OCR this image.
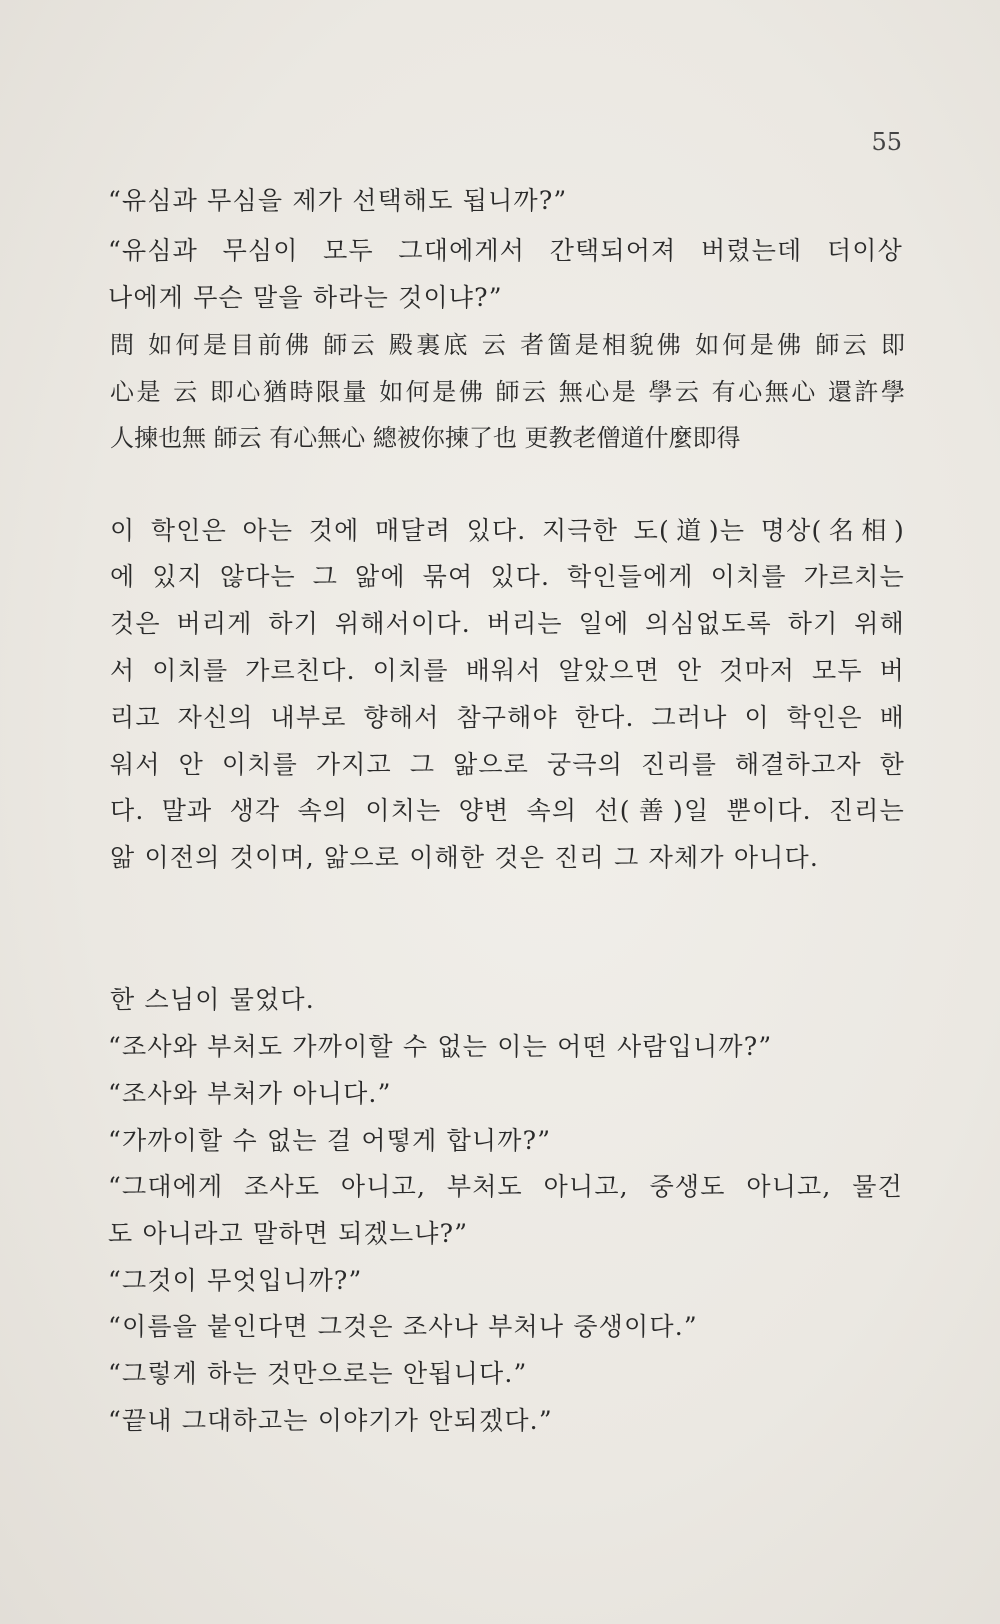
55
“유심과 무심을 제가 선택해도 됩니까?”
“유심과 무심이 모두 그대에게서 간택되어져 버렸는데 더이상
나에게 무슨 말을 하라는 것이냐?”
問 如何是目前佛 師云 殿裏底 云 者箇是相貌佛 如何是佛 師云 即
心是 云 即心猶時限量 如何是佛 師云 無心是 學云 有心無心 還許學
人揀也無 師云 有心無心 總被你揀了也 更教老僧道什麼即得
이 학인은 아는 것에 매달려 있다. 지극한 도(道)는 명상(名相)
에 있지 않다는 그 앎에 묶여 있다. 학인들에게 이치를 가르치는
것은 버리게 하기 위해서이다. 버리는 일에 의심없도록 하기 위해
서 이치를 가르친다. 이치를 배워서 알았으면 안 것마저 모두 버
리고 자신의 내부로 향해서 참구해야 한다. 그러나 이 학인은 배
워서 안 이치를 가지고 그 앎으로 궁극의 진리를 해결하고자 한
다. 말과 생각 속의 이치는 양변 속의 선(善)일 뿐이다. 진리는
앎 이전의 것이며, 앎으로 이해한 것은 진리 그 자체가 아니다.
한 스님이 물었다.
“조사와 부처도 가까이할 수 없는 이는 어떤 사람입니까?”
“조사와 부처가 아니다.”
“가까이할 수 없는 걸 어떻게 합니까?”
“그대에게 조사도 아니고, 부처도 아니고, 중생도 아니고, 물건
도 아니라고 말하면 되겠느냐?”
“그것이 무엇입니까?”
“이름을 붙인다면 그것은 조사나 부처나 중생이다.”
“그렇게 하는 것만으로는 안됩니다.”
“끝내 그대하고는 이야기가 안되겠다.”
